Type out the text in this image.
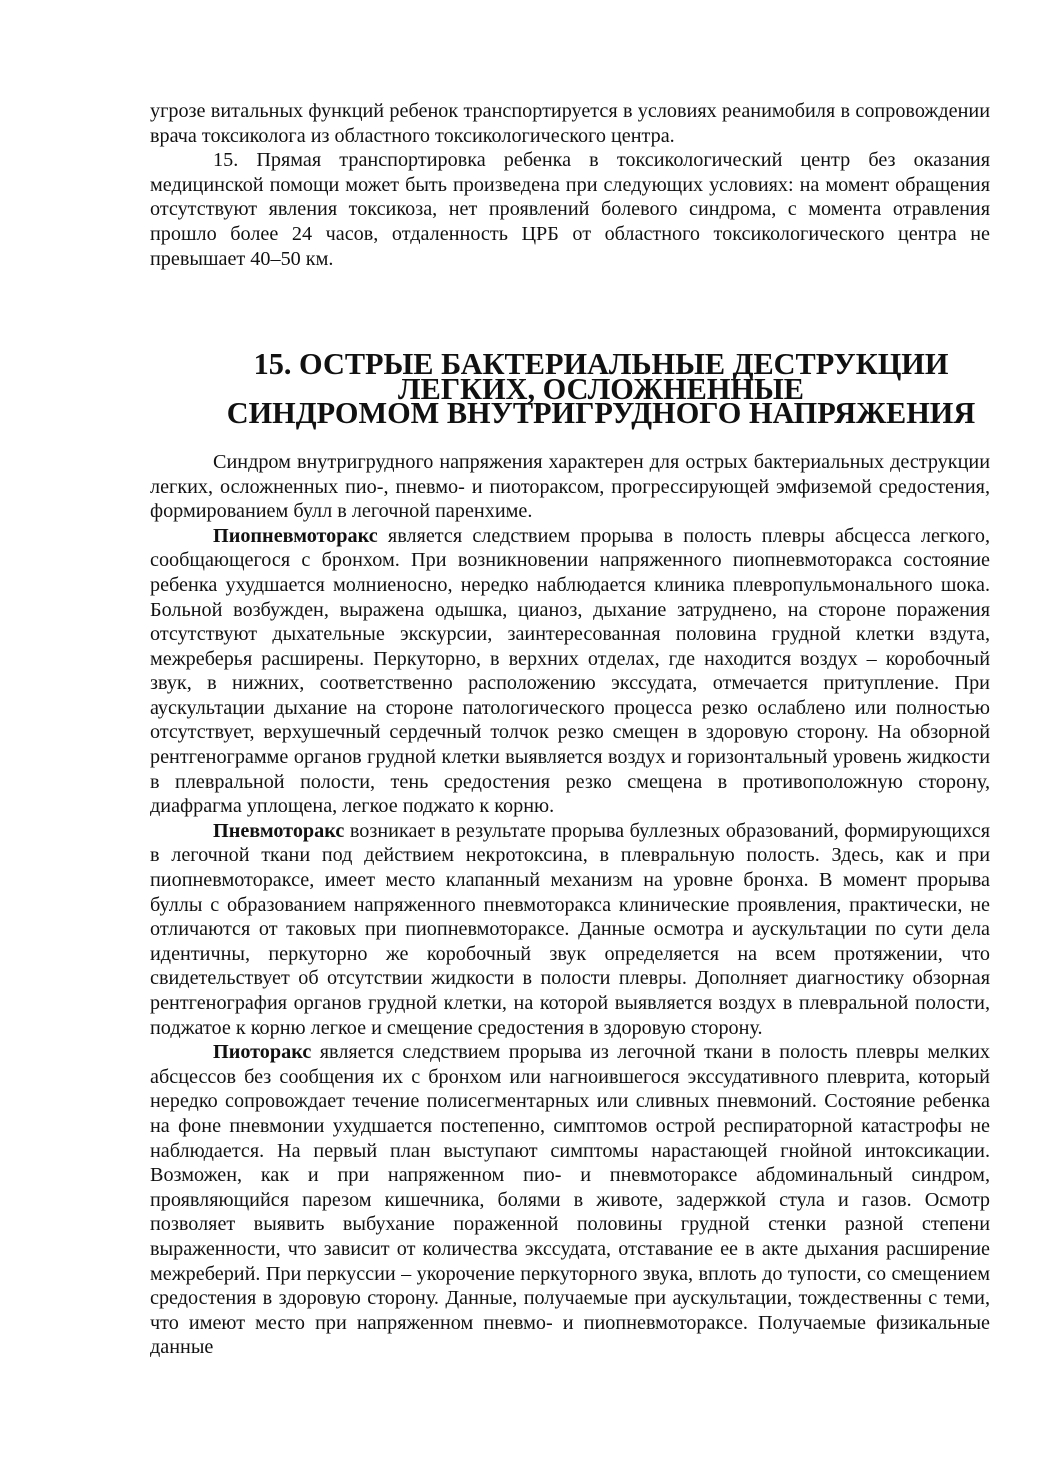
угрозе витальных функций ребенок транспортируется в условиях реанимобиля в сопровождении врача токсиколога из областного токсикологического центра.

15. Прямая транспортировка ребенка в токсикологический центр без оказания медицинской помощи может быть произведена при следующих условиях: на момент обращения отсутствуют явления токсикоза, нет проявлений болевого синдрома, с момента отравления прошло более 24 часов, отдаленность ЦРБ от областного токсикологического центра не превышает 40–50 км.

15. ОСТРЫЕ БАКТЕРИАЛЬНЫЕ ДЕСТРУКЦИИ ЛЕГКИХ, ОСЛОЖНЕННЫЕ
СИНДРОМОМ ВНУТРИГРУДНОГО НАПРЯЖЕНИЯ

Синдром внутригрудного напряжения характерен для острых бактериальных деструкции легких, осложненных пио-, пневмо- и пиотораксом, прогрессирующей эмфиземой средостения, формированием булл в легочной паренхиме.

Пиопневмоторакс является следствием прорыва в полость плевры абсцесса легкого, сообщающегося с бронхом. При возникновении напряженного пиопневмоторакса состояние ребенка ухудшается молниеносно, нередко наблюдается клиника плевропульмонального шока. Больной возбужден, выражена одышка, цианоз, дыхание затруднено, на стороне поражения отсутствуют дыхательные экскурсии, заинтересованная половина грудной клетки вздута, межреберья расширены. Перкуторно, в верхних отделах, где находится воздух – коробочный звук, в нижних, соответственно расположению экссудата, отмечается притупление. При аускультации дыхание на стороне патологического процесса резко ослаблено или полностью отсутствует, верхушечный сердечный толчок резко смещен в здоровую сторону. На обзорной рентгенограмме органов грудной клетки выявляется воздух и горизонтальный уровень жидкости в плевральной полости, тень средостения резко смещена в противоположную сторону, диафрагма уплощена, легкое поджато к корню.

Пневмоторакс возникает в результате прорыва буллезных образований, формирующихся в легочной ткани под действием некротоксина, в плевральную полость. Здесь, как и при пиопневмотораксе, имеет место клапанный механизм на уровне бронха. В момент прорыва буллы с образованием напряженного пневмоторакса клинические проявления, практически, не отличаются от таковых при пиопневмотораксе. Данные осмотра и аускультации по сути дела идентичны, перкуторно же коробочный звук определяется на всем протяжении, что свидетельствует об отсутствии жидкости в полости плевры. Дополняет диагностику обзорная рентгенография органов грудной клетки, на которой выявляется воздух в плевральной полости, поджатое к корню легкое и смещение средостения в здоровую сторону.

Пиоторакс является следствием прорыва из легочной ткани в полость плевры мелких абсцессов без сообщения их с бронхом или нагноившегося экссудативного плеврита, который нередко сопровождает течение полисегментарных или сливных пневмоний. Состояние ребенка на фоне пневмонии ухудшается постепенно, симптомов острой респираторной катастрофы не наблюдается. На первый план выступают симптомы нарастающей гнойной интоксикации. Возможен, как и при напряженном пио- и пневмотораксе абдоминальный синдром, проявляющийся парезом кишечника, болями в животе, задержкой стула и газов. Осмотр позволяет выявить выбухание пораженной половины грудной стенки разной степени выраженности, что зависит от количества экссудата, отставание ее в акте дыхания расширение межреберий. При перкуссии – укорочение перкуторного звука, вплоть до тупости, со смещением средостения в здоровую сторону. Данные, получаемые при аускультации, тождественны с теми, что имеют место при напряженном пневмо- и пиопневмотораксе. Получаемые физикальные данные
